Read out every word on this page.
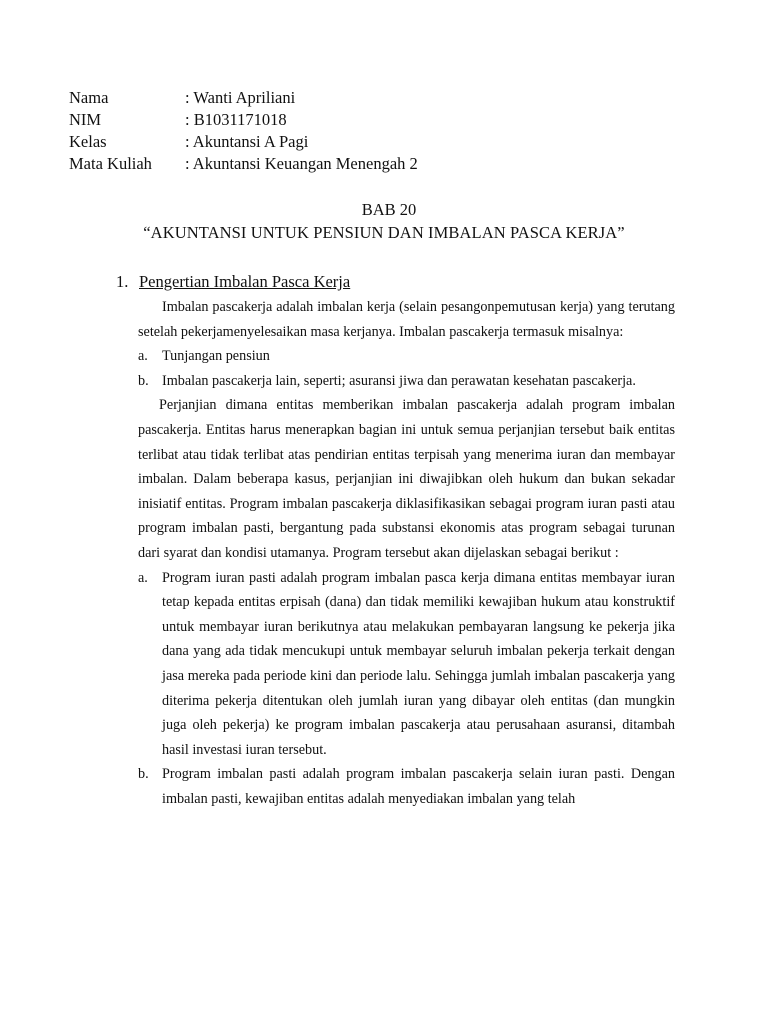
Nama	: Wanti Apriliani
NIM	: B1031171018
Kelas	: Akuntansi A Pagi
Mata Kuliah	: Akuntansi Keuangan Menengah 2
BAB 20
“AKUNTANSI UNTUK PENSIUN DAN IMBALAN PASCA KERJA”
1. Pengertian Imbalan Pasca Kerja

Imbalan pascakerja adalah imbalan kerja (selain pesangonpemutusan kerja) yang terutang setelah pekerjamenyelesaikan masa kerjanya. Imbalan pascakerja termasuk misalnya:

a. Tunjangan pensiun

b. Imbalan pascakerja lain, seperti; asuransi jiwa dan perawatan kesehatan pascakerja.

Perjanjian dimana entitas memberikan imbalan pascakerja adalah program imbalan pascakerja. Entitas harus menerapkan bagian ini untuk semua perjanjian tersebut baik entitas terlibat atau tidak terlibat atas pendirian entitas terpisah yang menerima iuran dan membayar imbalan. Dalam beberapa kasus, perjanjian ini diwajibkan oleh hukum dan bukan sekadar inisiatif entitas. Program imbalan pascakerja diklasifikasikan sebagai program iuran pasti atau program imbalan pasti, bergantung pada substansi ekonomis atas program sebagai turunan dari syarat dan kondisi utamanya. Program tersebut akan dijelaskan sebagai berikut :

a. Program iuran pasti adalah program imbalan pasca kerja dimana entitas membayar iuran tetap kepada entitas erpisah (dana) dan tidak memiliki kewajiban hukum atau konstruktif untuk membayar iuran berikutnya atau melakukan pembayaran langsung ke pekerja jika dana yang ada tidak mencukupi untuk membayar seluruh imbalan pekerja terkait dengan jasa mereka pada periode kini dan periode lalu. Sehingga jumlah imbalan pascakerja yang diterima pekerja ditentukan oleh jumlah iuran yang dibayar oleh entitas (dan mungkin juga oleh pekerja) ke program imbalan pascakerja atau perusahaan asuransi, ditambah hasil investasi iuran tersebut.

b. Program imbalan pasti adalah program imbalan pascakerja selain iuran pasti. Dengan imbalan pasti, kewajiban entitas adalah menyediakan imbalan yang telah
